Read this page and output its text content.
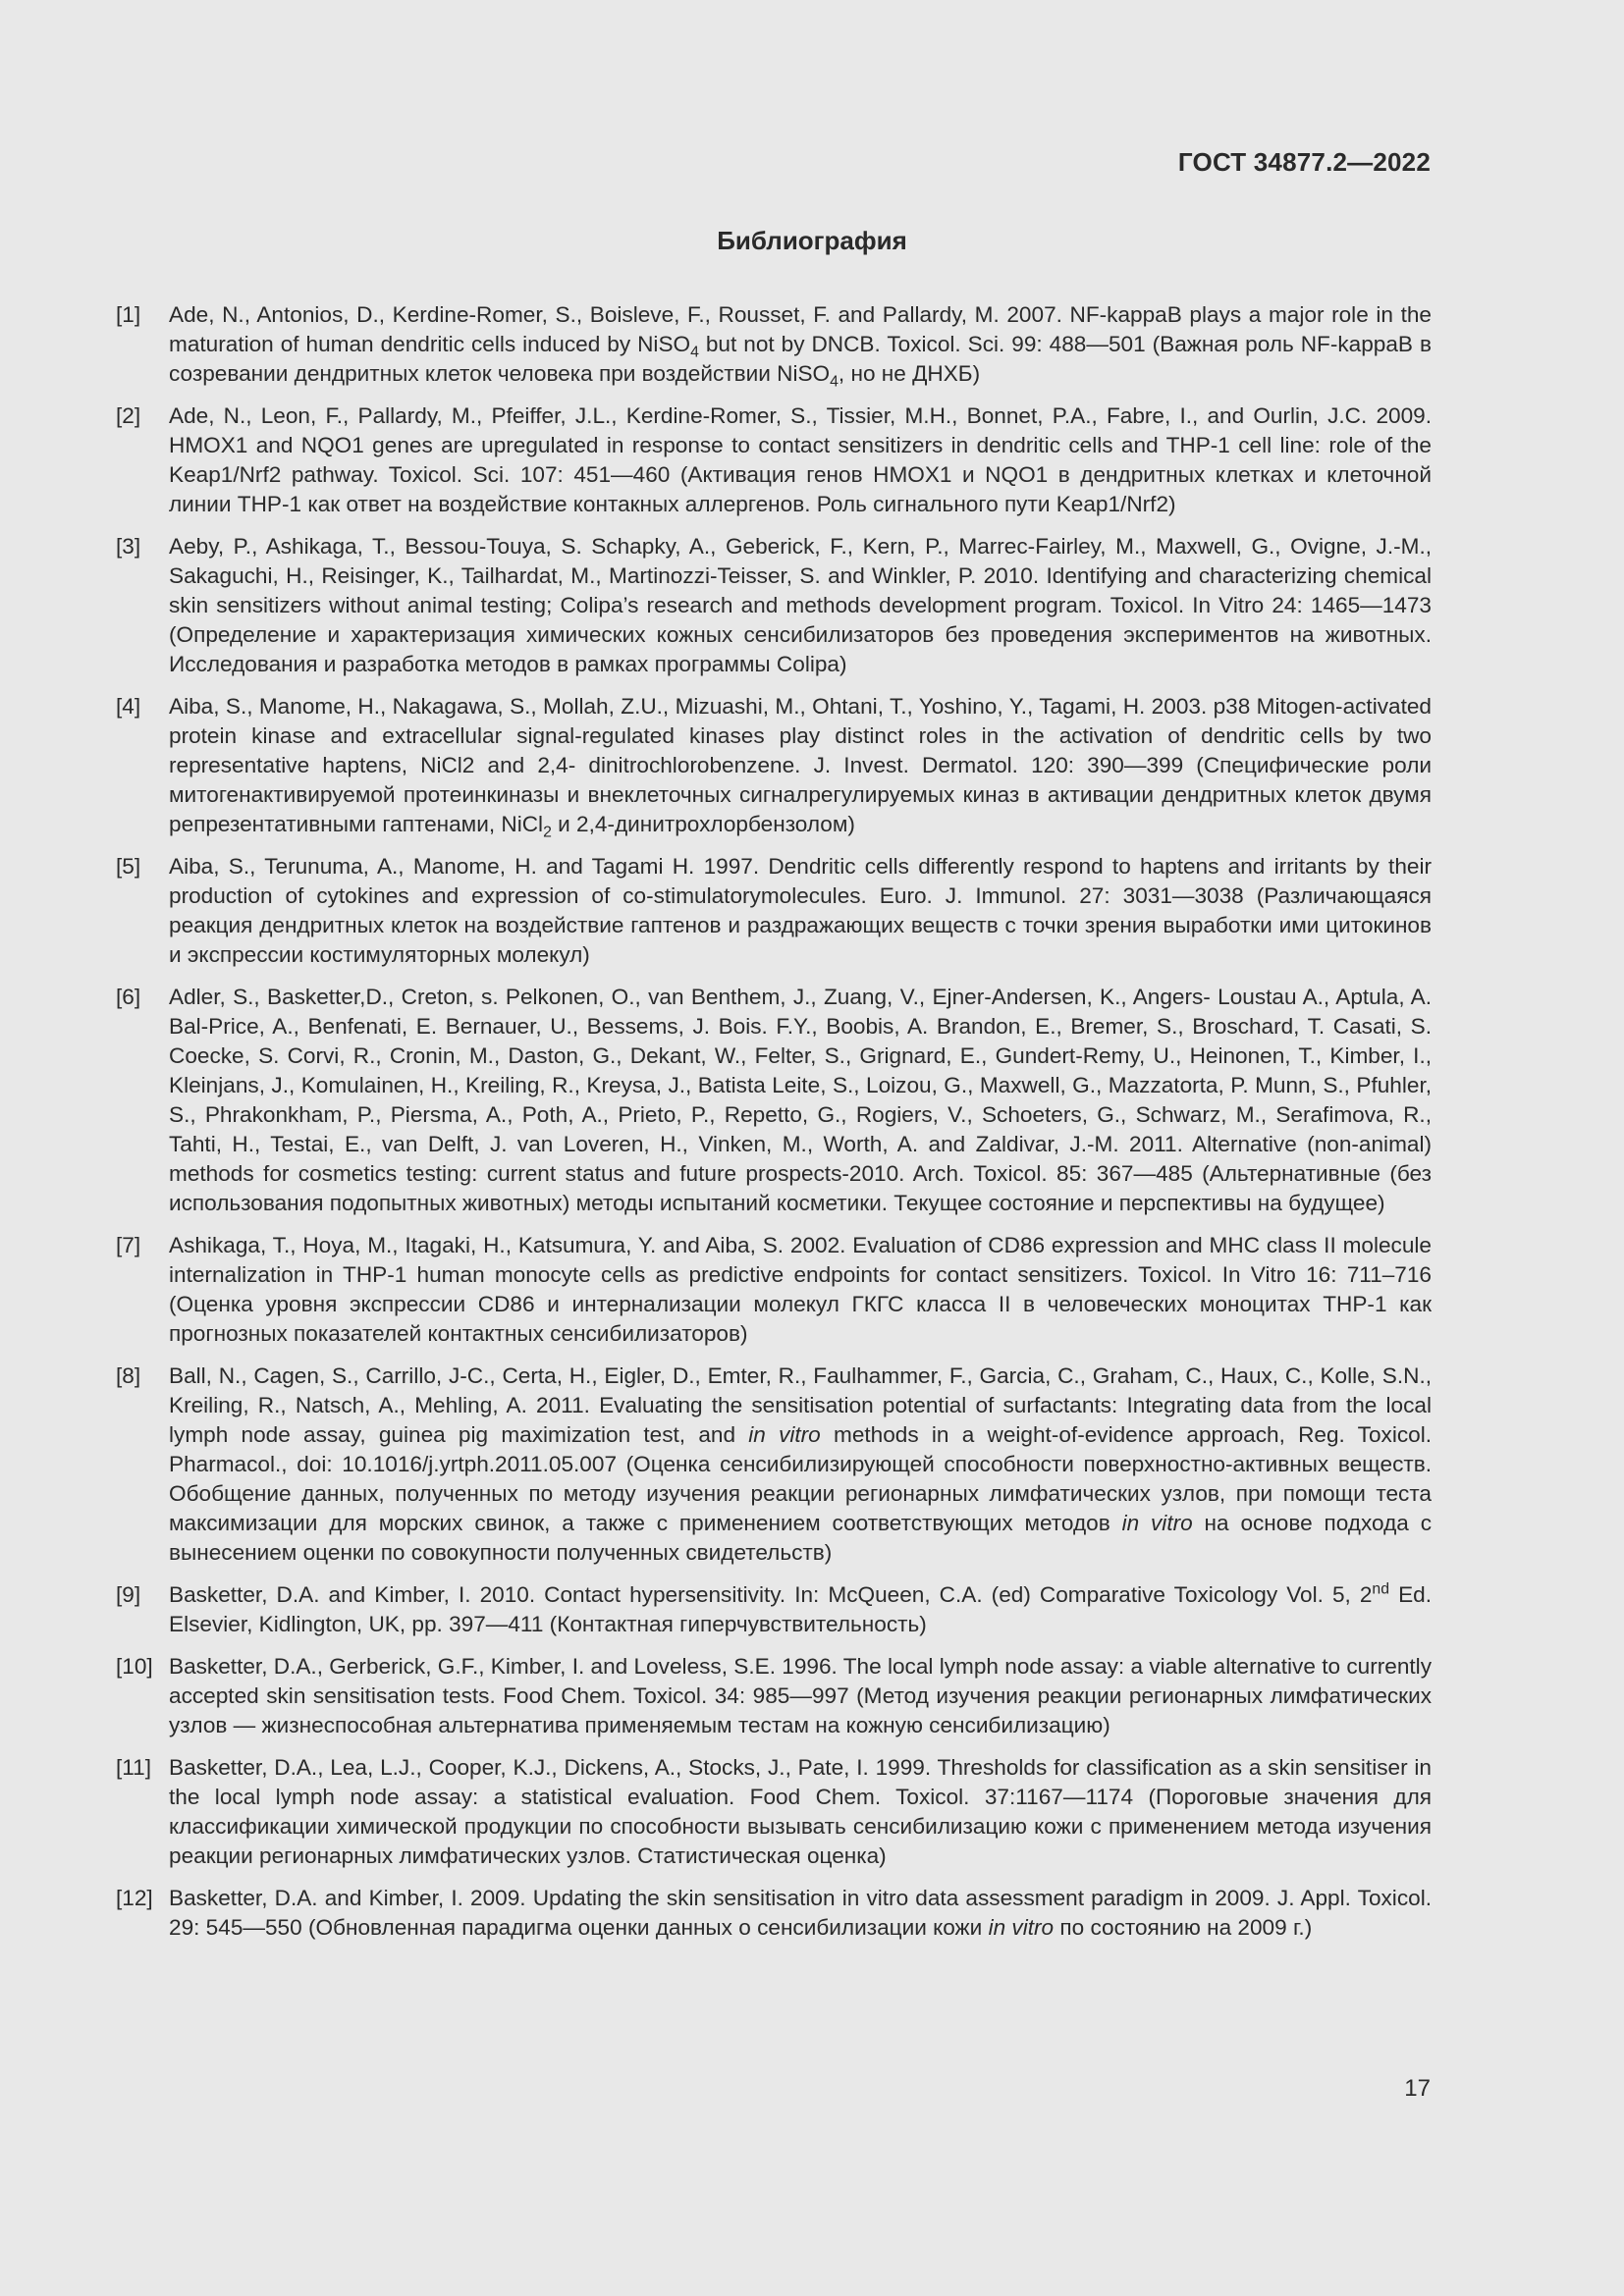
ГОСТ 34877.2—2022
Библиография
[1]	Ade, N., Antonios, D., Kerdine-Romer, S., Boisleve, F., Rousset, F. and Pallardy, M. 2007. NF-kappaB plays a major role in the maturation of human dendritic cells induced by NiSO$_4$ but not by DNCB. Toxicol. Sci. 99: 488—501 (Важная роль NF-kappaB в созревании дендритных клеток человека при воздействии NiSO$_4$, но не ДНХБ)
[2]	Ade, N., Leon, F., Pallardy, M., Pfeiffer, J.L., Kerdine-Romer, S., Tissier, M.H., Bonnet, P.A., Fabre, I., and Ourlin, J.C. 2009. HMOX1 and NQO1 genes are upregulated in response to contact sensitizers in dendritic cells and THP-1 cell line: role of the Keap1/Nrf2 pathway. Toxicol. Sci. 107: 451—460 (Активация генов HMOX1 и NQO1 в дендритных клетках и клеточной линии THP-1 как ответ на воздействие контакных аллергенов. Роль сигнального пути Keap1/Nrf2)
[3]	Aeby, P., Ashikaga, T., Bessou-Touya, S. Schapky, A., Geberick, F., Kern, P., Marrec-Fairley, M., Maxwell, G., Ovigne, J.-M., Sakaguchi, H., Reisinger, K., Tailhardat, M., Martinozzi-Teisser, S. and Winkler, P. 2010. Identifying and characterizing chemical skin sensitizers without animal testing; Colipa’s research and methods development program. Toxicol. In Vitro 24: 1465—1473 (Определение и характеризация химических кожных сенсибилизаторов без проведения экспериментов на животных. Исследования и разработка методов в рамках программы Colipa)
[4]	Aiba, S., Manome, H., Nakagawa, S., Mollah, Z.U., Mizuashi, M., Ohtani, T., Yoshino, Y., Tagami, H. 2003. p38 Mitogen-activated protein kinase and extracellular signal-regulated kinases play distinct roles in the activation of dendritic cells by two representative haptens, NiCl2 and 2,4- dinitrochlorobenzene. J. Invest. Dermatol. 120: 390—399 (Специфические роли митогенактивируемой протеинкиназы и внеклеточных сигналрегулируемых киназ в активации дендритных клеток двумя репрезентативными гаптенами, NiCl$_2$ и 2,4-динитрохлорбензолом)
[5]	Aiba, S., Terunuma, A., Manome, H. and Tagami H. 1997. Dendritic cells differently respond to haptens and irritants by their production of cytokines and expression of co-stimulatorymolecules. Euro. J. Immunol. 27: 3031—3038 (Различающаяся реакция дендритных клеток на воздействие гаптенов и раздражающих веществ с точки зрения выработки ими цитокинов и экспрессии костимуляторных молекул)
[6]	Adler, S., Basketter,D., Creton, s. Pelkonen, O., van Benthem, J., Zuang, V., Ejner-Andersen, K., Angers- Loustau A., Aptula, A. Bal-Price, A., Benfenati, E. Bernauer, U., Bessems, J. Bois. F.Y., Boobis, A. Brandon, E., Bremer, S., Broschard, T. Casati, S. Coecke, S. Corvi, R., Cronin, M., Daston, G., Dekant, W., Felter, S., Grignard, E., Gundert-Remy, U., Heinonen, T., Kimber, I., Kleinjans, J., Komulainen, H., Kreiling, R., Kreysa, J., Batista Leite, S., Loizou, G., Maxwell, G., Mazzatorta, P. Munn, S., Pfuhler, S., Phrakonkham, P., Piersma, A., Poth, A., Prieto, P., Repetto, G., Rogiers, V., Schoeters, G., Schwarz, M., Serafimova, R., Tahti, H., Testai, E., van Delft, J. van Loveren, H., Vinken, M., Worth, A. and Zaldivar, J.-M. 2011. Alternative (non-animal) methods for cosmetics testing: current status and future prospects-2010. Arch. Toxicol. 85: 367—485 (Альтернативные (без использования подопытных животных) методы испытаний косметики. Текущее состояние и перспективы на будущее)
[7]	Ashikaga, T., Hoya, M., Itagaki, H., Katsumura, Y. and Aiba, S. 2002. Evaluation of CD86 expression and MHC class II molecule internalization in THP-1 human monocyte cells as predictive endpoints for contact sensitizers. Toxicol. In Vitro 16: 711–716 (Оценка уровня экспрессии CD86 и интернализации молекул ГКГС класса II в человеческих моноцитах THP-1 как прогнозных показателей контактных сенсибилизаторов)
[8]	Ball, N., Cagen, S., Carrillo, J-C., Certa, H., Eigler, D., Emter, R., Faulhammer, F., Garcia, C., Graham, C., Haux, C., Kolle, S.N., Kreiling, R., Natsch, A., Mehling, A. 2011. Evaluating the sensitisation potential of surfactants: Integrating data from the local lymph node assay, guinea pig maximization test, and in vitro methods in a weight-of-evidence approach, Reg. Toxicol. Pharmacol., doi: 10.1016/j.yrtph.2011.05.007 (Оценка сенсибилизирующей способности поверхностно-активных веществ. Обобщение данных, полученных по методу изучения реакции регионарных лимфатических узлов, при помощи теста максимизации для морских свинок, а также с применением соответствующих методов in vitro на основе подхода с вынесением оценки по совокупности полученных свидетельств)
[9]	Basketter, D.A. and Kimber, I. 2010. Contact hypersensitivity. In: McQueen, C.A. (ed) Comparative Toxicology Vol. 5, 2nd Ed. Elsevier, Kidlington, UK, pp. 397—411 (Контактная гиперчувствительность)
[10] Basketter, D.A., Gerberick, G.F., Kimber, I. and Loveless, S.E. 1996. The local lymph node assay: a viable alternative to currently accepted skin sensitisation tests. Food Chem. Toxicol. 34: 985—997 (Метод изучения реакции регионарных лимфатических узлов — жизнеспособная альтернатива применяемым тестам на кожную сенсибилизацию)
[11] Basketter, D.A., Lea, L.J., Cooper, K.J., Dickens, A., Stocks, J., Pate, I. 1999. Thresholds for classification as a skin sensitiser in the local lymph node assay: a statistical evaluation. Food Chem. Toxicol. 37:1167—1174 (Пороговые значения для классификации химической продукции по способности вызывать сенсибилизацию кожи с применением метода изучения реакции регионарных лимфатических узлов. Статистическая оценка)
[12] Basketter, D.A. and Kimber, I. 2009. Updating the skin sensitisation in vitro data assessment paradigm in 2009. J. Appl. Toxicol. 29: 545—550 (Обновленная парадигма оценки данных о сенсибилизации кожи in vitro по состоянию на 2009 г.)
17
